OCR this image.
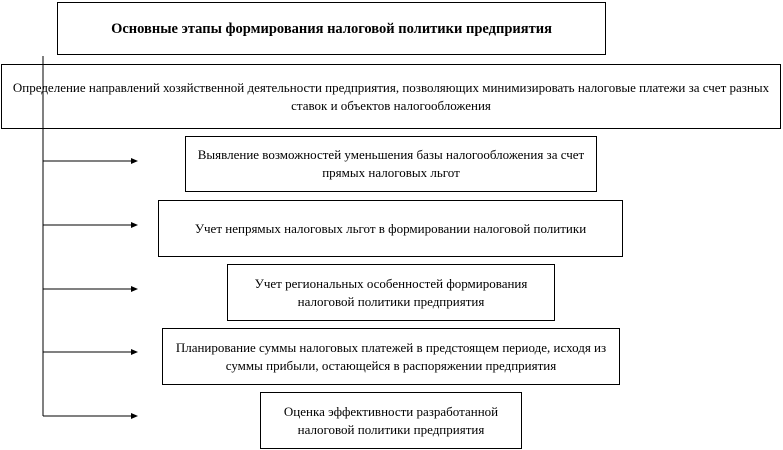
Основные этапы формирования налоговой политики предприятия
Определение направлений хозяйственной деятельности предприятия, позволяющих минимизировать налоговые платежи за счет разных ставок и объектов налогообложения
Выявление возможностей уменьшения базы налогообложения за счет прямых налоговых льгот
Учет непрямых налоговых льгот в формировании налоговой политики
Учет региональных особенностей формирования налоговой политики предприятия
Планирование суммы налоговых платежей в предстоящем периоде, исходя из суммы прибыли, остающейся в распоряжении предприятия
Оценка эффективности разработанной налоговой политики предприятия
